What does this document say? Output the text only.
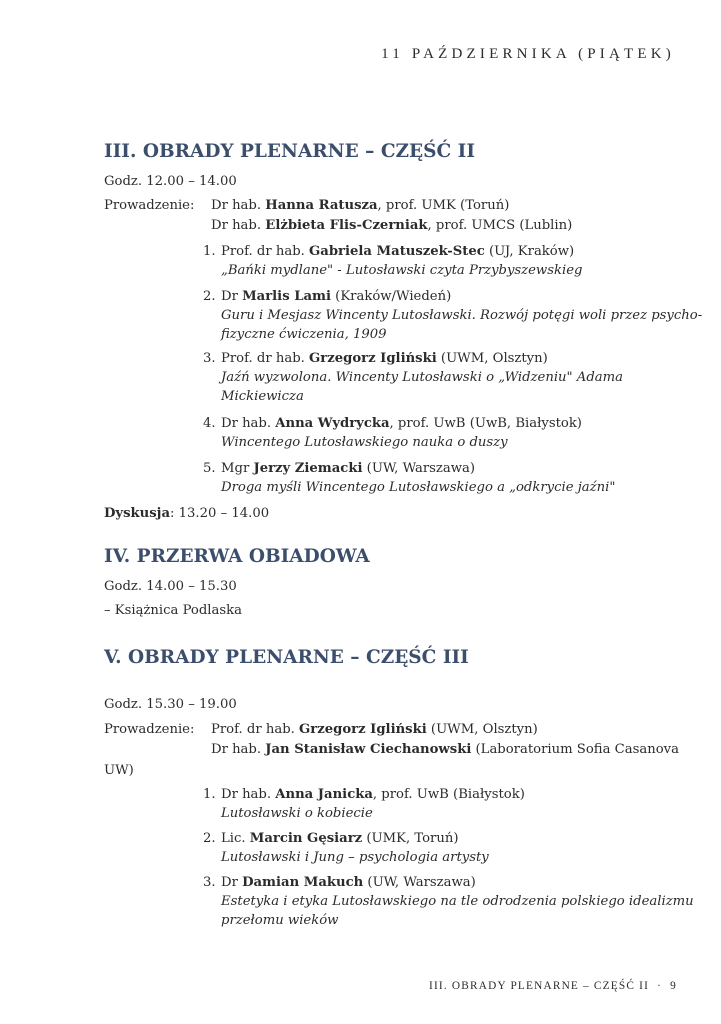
11 PAŹDZIERNIKA (PIĄTEK)
III. OBRADY PLENARNE – CZĘŚĆ II
Godz. 12.00 – 14.00
Prowadzenie: Dr hab. Hanna Ratusza, prof. UMK (Toruń)
Dr hab. Elżbieta Flis-Czerniak, prof. UMCS (Lublin)
1. Prof. dr hab. Gabriela Matuszek-Stec (UJ, Kraków)
„Bańki mydlane" - Lutosławski czyta Przybyszewskieg
2. Dr Marlis Lami (Kraków/Wiedeń)
Guru i Mesjasz Wincenty Lutosławski. Rozwój potęgi woli przez psycho-
fizyczne ćwiczenia, 1909
3. Prof. dr hab. Grzegorz Igliński (UWM, Olsztyn)
Jaźń wyzwolona. Wincenty Lutosławski o „Widzeniu" Adama
Mickiewicza
4. Dr hab. Anna Wydrycka, prof. UwB (UwB, Białystok)
Wincentego Lutosławskiego nauka o duszy
5. Mgr Jerzy Ziemacki (UW, Warszawa)
Droga myśli Wincentego Lutosławskiego a „odkrycie jaźni"
Dyskusja: 13.20 – 14.00
IV. PRZERWA OBIADOWA
Godz. 14.00 – 15.30
– Książnica Podlaska
V. OBRADY PLENARNE – CZĘŚĆ III
Godz. 15.30 – 19.00
Prowadzenie: Prof. dr hab. Grzegorz Igliński (UWM, Olsztyn)
Dr hab. Jan Stanisław Ciechanowski (Laboratorium Sofia Casanova
UW)
1. Dr hab. Anna Janicka, prof. UwB (Białystok)
Lutosławski o kobiecie
2. Lic. Marcin Gęsiarz (UMK, Toruń)
Lutosławski i Jung – psychologia artysty
3. Dr Damian Makuch (UW, Warszawa)
Estetyka i etyka Lutosławskiego na tle odrodzenia polskiego idealizmu
przełomu wieków
III. OBRADY PLENARNE – CZĘŚĆ II · 9
